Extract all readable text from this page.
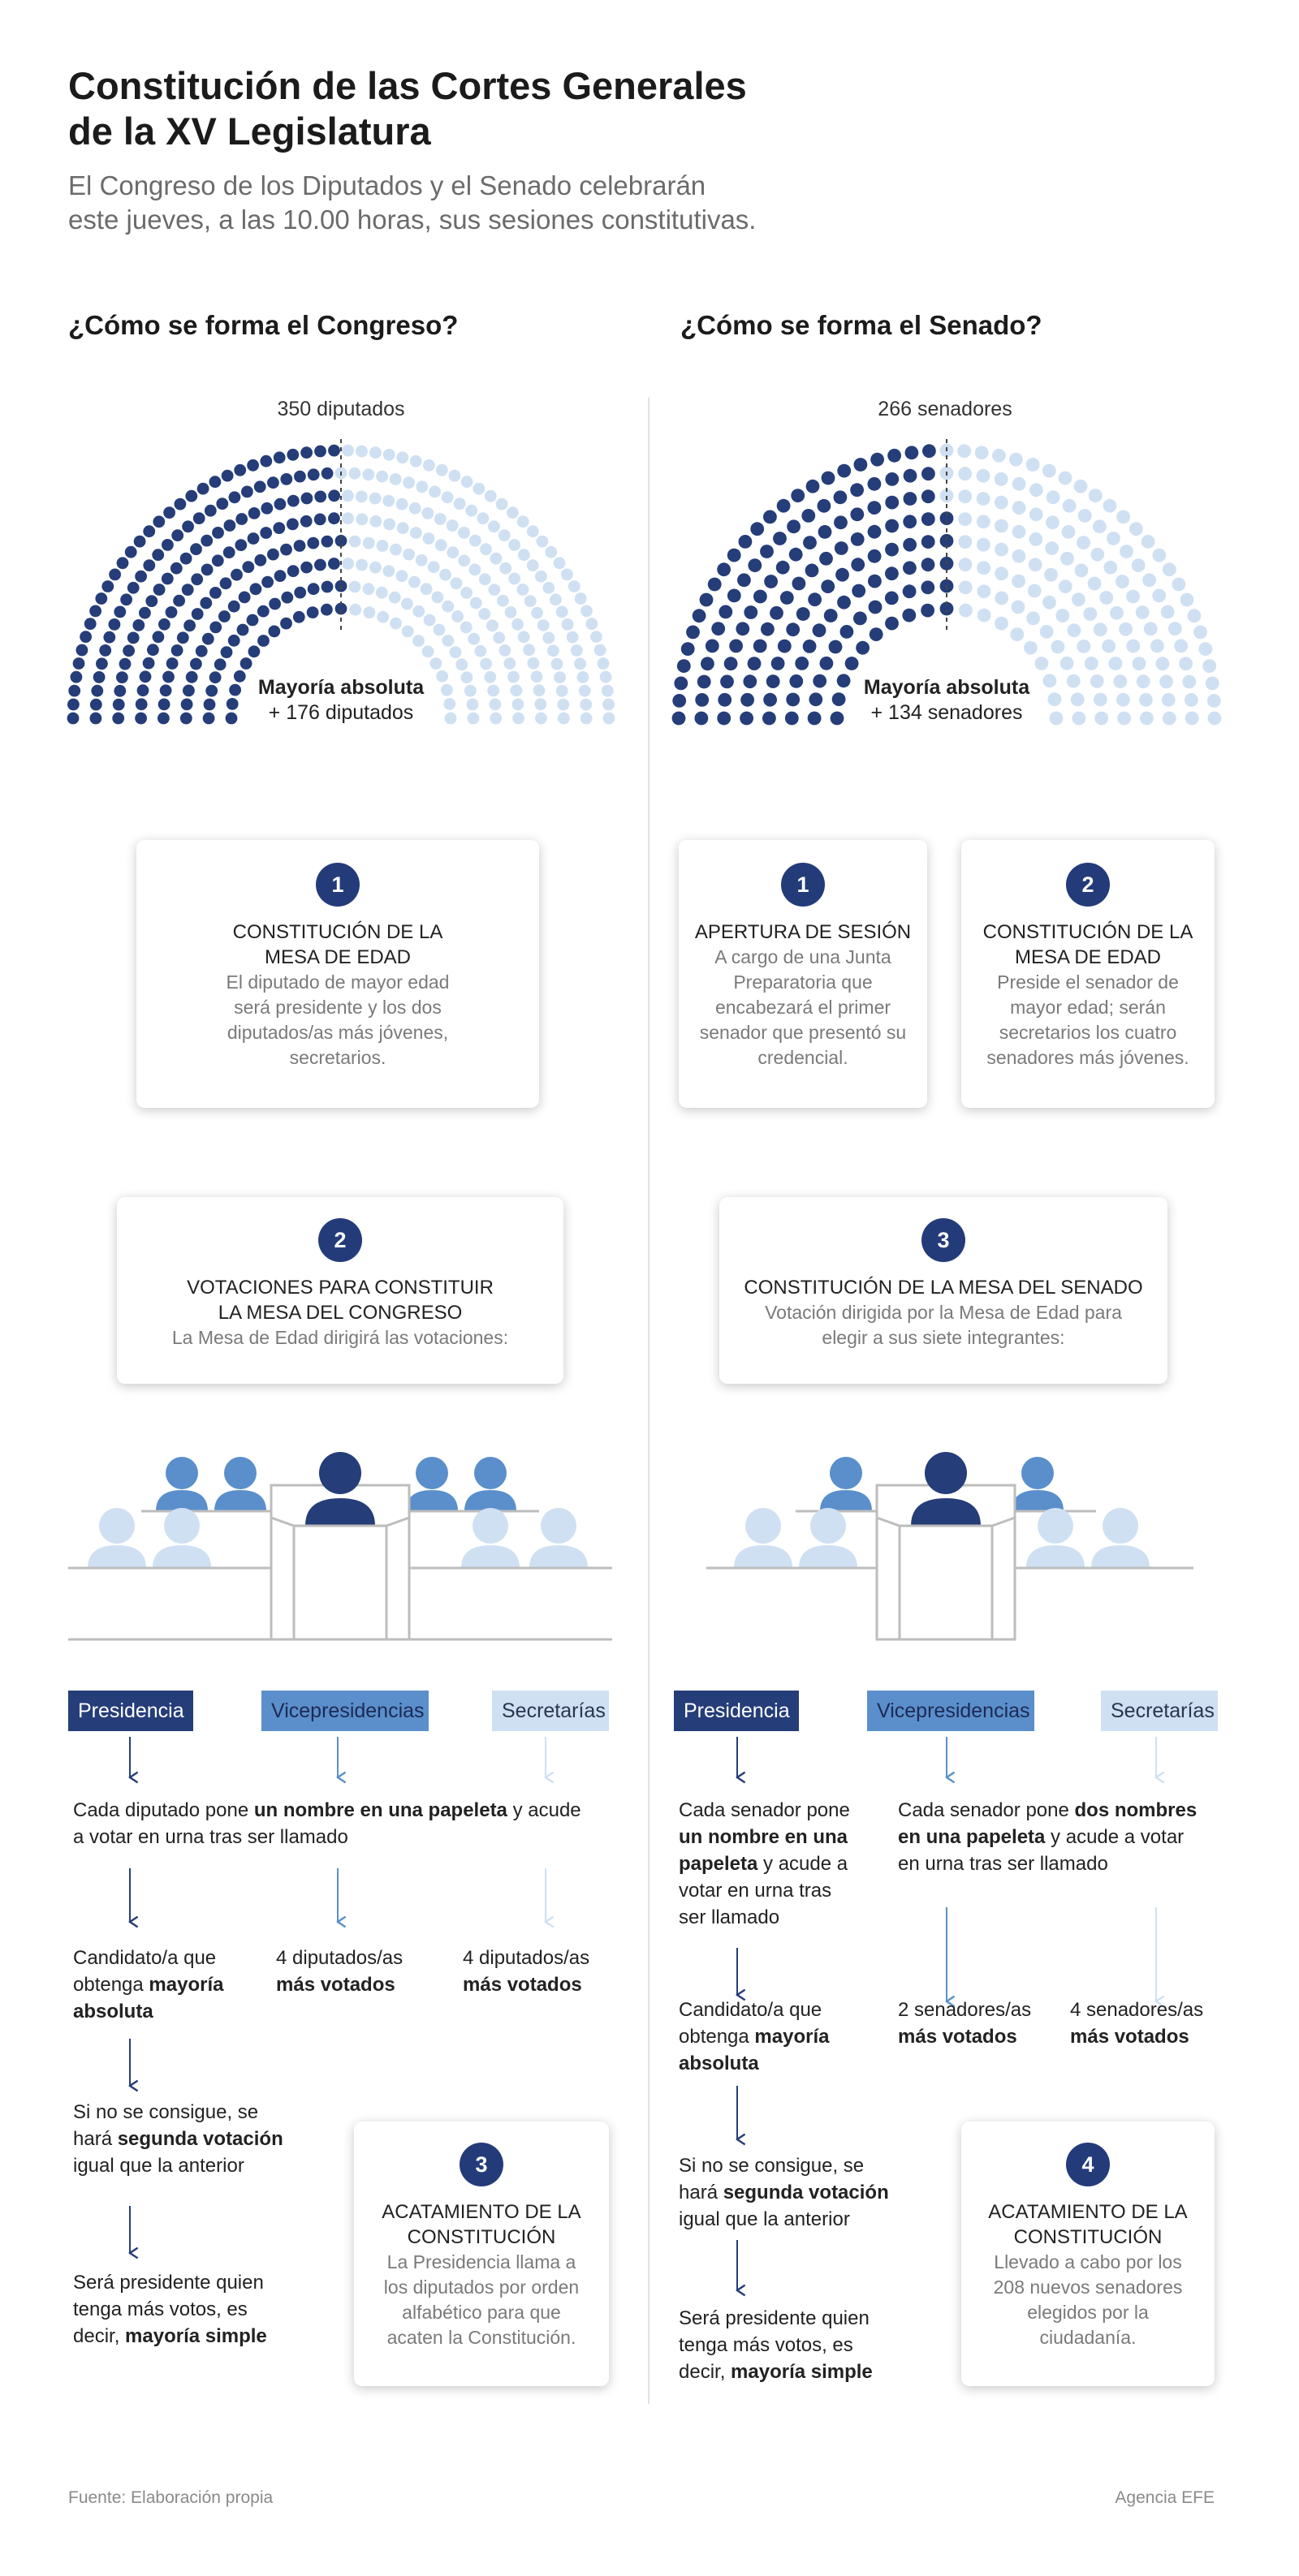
Constitución de las Cortes Generales
de la XV Legislatura
El Congreso de los Diputados y el Senado celebrarán
este jueves, a las 10.00 horas, sus sesiones constitutivas.
¿Cómo se forma el Congreso?	¿Cómo se forma el Senado?
350 diputados	266 senadores
Mayoría absoluta
+ 176 diputados
Mayoría absoluta
+ 134 senadores
1
CONSTITUCIÓN DE LA
MESA DE EDAD
El diputado de mayor edad
será presidente y los dos
diputados/as más jóvenes,
secretarios.
1
APERTURA DE SESIÓN
A cargo de una Junta
Preparatoria que
encabezará el primer
senador que presentó su
credencial.
2
CONSTITUCIÓN DE LA
MESA DE EDAD
Preside el senador de
mayor edad; serán
secretarios los cuatro
senadores más jóvenes.
2
VOTACIONES PARA CONSTITUIR
LA MESA DEL CONGRESO
La Mesa de Edad dirigirá las votaciones:
3
CONSTITUCIÓN DE LA MESA DEL SENADO
Votación dirigida por la Mesa de Edad para
elegir a sus siete integrantes:
Presidencia	Vicepresidencias	Secretarías	Presidencia	Vicepresidencias	Secretarías
Cada diputado pone un nombre en una papeleta y acude
a votar en urna tras ser llamado
Candidato/a que
obtenga mayoría
absoluta
4 diputados/as
más votados
4 diputados/as
más votados
Si no se consigue, se
hará segunda votación
igual que la anterior
Será presidente quien
tenga más votos, es
decir, mayoría simple
3
ACATAMIENTO DE LA
CONSTITUCIÓN
La Presidencia llama a
los diputados por orden
alfabético para que
acaten la Constitución.
Cada senador pone
un nombre en una
papeleta y acude a
votar en urna tras
ser llamado
Cada senador pone dos nombres
en una papeleta y acude a votar
en urna tras ser llamado
Candidato/a que
obtenga mayoría
absoluta
2 senadores/as
más votados
4 senadores/as
más votados
Si no se consigue, se
hará segunda votación
igual que la anterior
Será presidente quien
tenga más votos, es
decir, mayoría simple
4
ACATAMIENTO DE LA
CONSTITUCIÓN
Llevado a cabo por los
208 nuevos senadores
elegidos por la
ciudadanía.
Fuente: Elaboración propia	Agencia EFE
